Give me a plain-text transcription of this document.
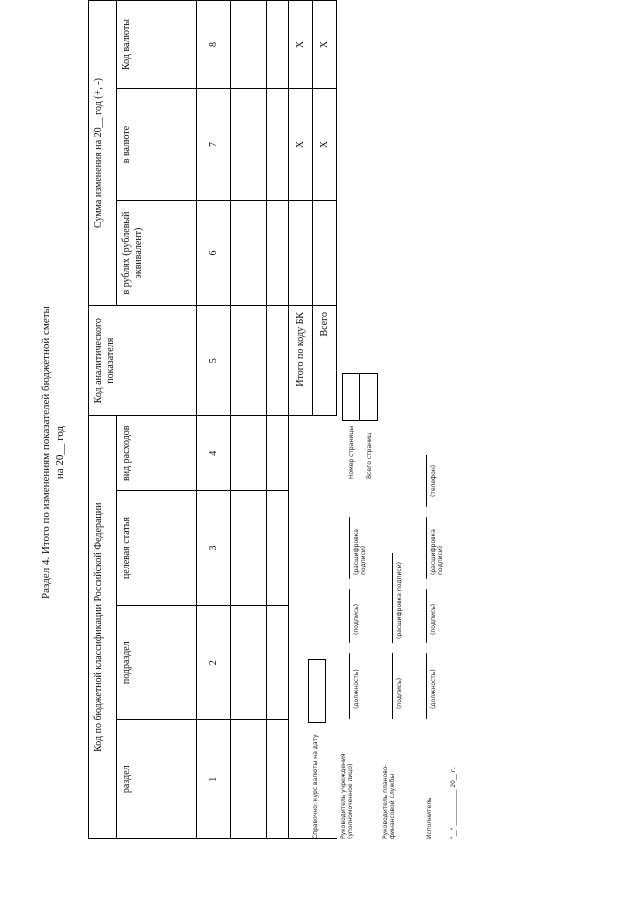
Раздел 4. Итого по изменениям показателей бюджетной сметы на 20__ год
Код по бюджетной классификации Российской Федерации				Код аналитического показателя	Сумма изменения на 20__ год (+, -)		
раздел	подраздел	целевая статья	вид расходов		в рублях (рублевый эквивалент)	в валюте	Код валюты
1	2	3	4	5	6	7	8

				Итого по коду БК		X	X
				Всего		X	X
Справочно: курс валюты на дату	Руководитель учреждения (уполномоченное лицо)
(должность)
(подпись)
(расшифровка подписи)
Руководитель планово-финансовой службы
(подпись)
(расшифровка подписи)
Исполнитель
(должность)
(подпись)
(расшифровка подписи)
(телефон)
"__" ____________ 20__ г.
Номер страницы Всего страниц
